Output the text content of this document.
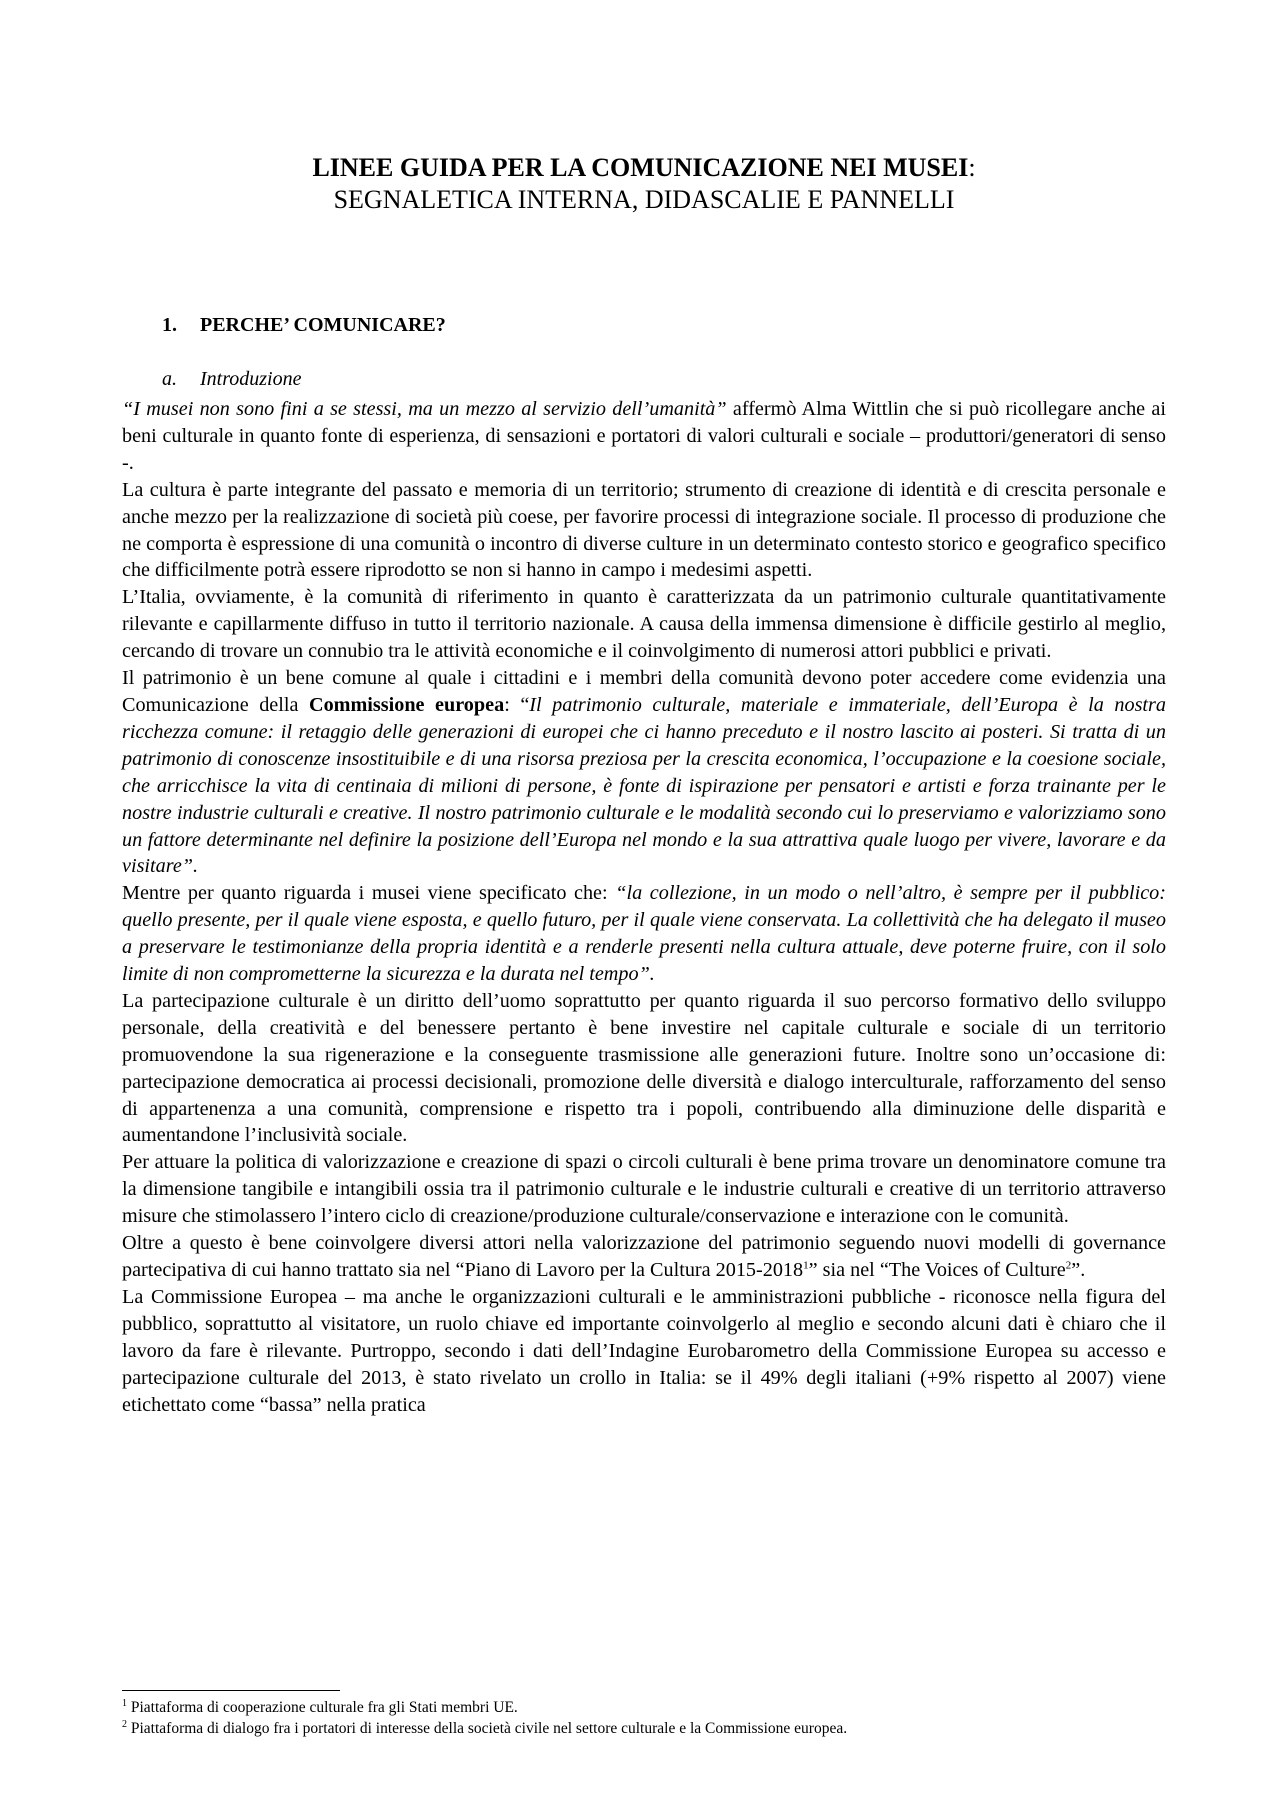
LINEE GUIDA PER LA COMUNICAZIONE NEI MUSEI:

SEGNALETICA INTERNA, DIDASCALIE E PANNELLI

1. PERCHE’ COMUNICARE?

a. Introduzione

“I musei non sono fini a se stessi, ma un mezzo al servizio dell’umanità” affermò Alma Wittlin che si può ricollegare anche ai beni culturale in quanto fonte di esperienza, di sensazioni e portatori di valori culturali e sociale – produttori/generatori di senso -.

La cultura è parte integrante del passato e memoria di un territorio; strumento di creazione di identità e di crescita personale e anche mezzo per la realizzazione di società più coese, per favorire processi di integrazione sociale. Il processo di produzione che ne comporta è espressione di una comunità o incontro di diverse culture in un determinato contesto storico e geografico specifico che difficilmente potrà essere riprodotto se non si hanno in campo i medesimi aspetti.

L’Italia, ovviamente, è la comunità di riferimento in quanto è caratterizzata da un patrimonio culturale quantitativamente rilevante e capillarmente diffuso in tutto il territorio nazionale. A causa della immensa dimensione è difficile gestirlo al meglio, cercando di trovare un connubio tra le attività economiche e il coinvolgimento di numerosi attori pubblici e privati.

Il patrimonio è un bene comune al quale i cittadini e i membri della comunità devono poter accedere come evidenzia una Comunicazione della Commissione europea: “Il patrimonio culturale, materiale e immateriale, dell’Europa è la nostra ricchezza comune: il retaggio delle generazioni di europei che ci hanno preceduto e il nostro lascito ai posteri. Si tratta di un patrimonio di conoscenze insostituibile e di una risorsa preziosa per la crescita economica, l’occupazione e la coesione sociale, che arricchisce la vita di centinaia di milioni di persone, è fonte di ispirazione per pensatori e artisti e forza trainante per le nostre industrie culturali e creative. Il nostro patrimonio culturale e le modalità secondo cui lo preserviamo e valorizziamo sono un fattore determinante nel definire la posizione dell’Europa nel mondo e la sua attrattiva quale luogo per vivere, lavorare e da visitare”.

Mentre per quanto riguarda i musei viene specificato che: “la collezione, in un modo o nell’altro, è sempre per il pubblico: quello presente, per il quale viene esposta, e quello futuro, per il quale viene conservata. La collettività che ha delegato il museo a preservare le testimonianze della propria identità e a renderle presenti nella cultura attuale, deve poterne fruire, con il solo limite di non comprometterne la sicurezza e la durata nel tempo”.

La partecipazione culturale è un diritto dell’uomo soprattutto per quanto riguarda il suo percorso formativo dello sviluppo personale, della creatività e del benessere pertanto è bene investire nel capitale culturale e sociale di un territorio promuovendone la sua rigenerazione e la conseguente trasmissione alle generazioni future. Inoltre sono un’occasione di: partecipazione democratica ai processi decisionali, promozione delle diversità e dialogo interculturale, rafforzamento del senso di appartenenza a una comunità, comprensione e rispetto tra i popoli, contribuendo alla diminuzione delle disparità e aumentandone l’inclusività sociale.

Per attuare la politica di valorizzazione e creazione di spazi o circoli culturali è bene prima trovare un denominatore comune tra la dimensione tangibile e intangibili ossia tra il patrimonio culturale e le industrie culturali e creative di un territorio attraverso misure che stimolassero l’intero ciclo di creazione/produzione culturale/conservazione e interazione con le comunità.

Oltre a questo è bene coinvolgere diversi attori nella valorizzazione del patrimonio seguendo nuovi modelli di governance partecipativa di cui hanno trattato sia nel “Piano di Lavoro per la Cultura 2015-2018$^1$” sia nel “The Voices of Culture$^2$”.

La Commissione Europea – ma anche le organizzazioni culturali e le amministrazioni pubbliche - riconosce nella figura del pubblico, soprattutto al visitatore, un ruolo chiave ed importante coinvolgerlo al meglio e secondo alcuni dati è chiaro che il lavoro da fare è rilevante. Purtroppo, secondo i dati dell’Indagine Eurobarometro della Commissione Europea su accesso e partecipazione culturale del 2013, è stato rivelato un crollo in Italia: se il 49% degli italiani (+9% rispetto al 2007) viene etichettato come “bassa” nella pratica

$^1$ Piattaforma di cooperazione culturale fra gli Stati membri UE.

$^2$ Piattaforma di dialogo fra i portatori di interesse della società civile nel settore culturale e la Commissione europea.
